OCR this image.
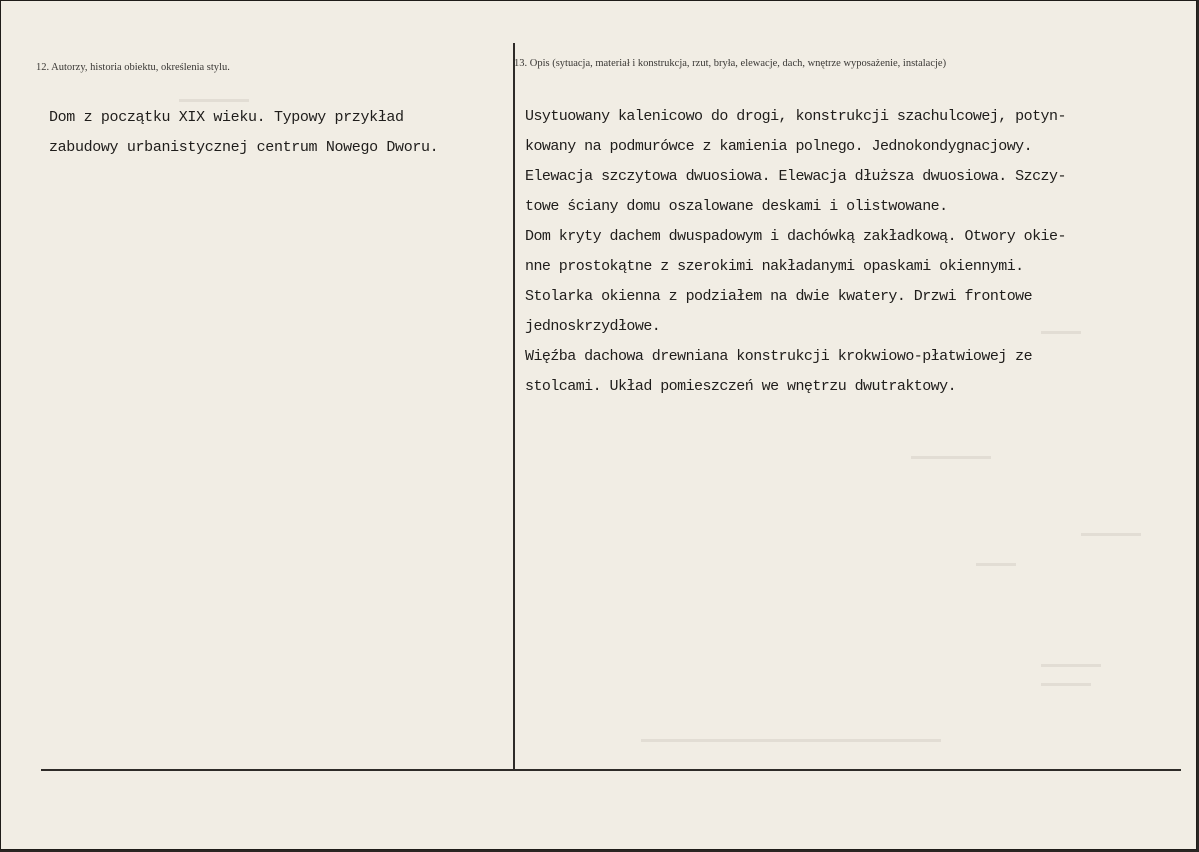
12. Autorzy, historia obiektu, określenia stylu.	13. Opis (sytuacja, materiał i konstrukcja, rzut, bryła, elewacje, dach, wnętrze wyposażenie, instalacje)
Dom z początku XIX wieku. Typowy przykład
zabudowy urbanistycznej centrum Nowego Dworu.
Usytuowany kalenicowo do drogi, konstrukcji szachulcowej, potyn-
kowany na podmurówce z kamienia polnego. Jednokondygnacjowy.
Elewacja szczytowa dwuosiowa. Elewacja dłuższa dwuosiowa. Szczy-
towe ściany domu oszalowane deskami i olistwowane.
Dom kryty dachem dwuspadowym i dachówką zakładkową. Otwory okie-
nne prostokątne z szerokimi nakładanymi opaskami okiennymi.
Stolarka okienna z podziałem na dwie kwatery. Drzwi frontowe
jednoskrzydłowe.
Więźba dachowa drewniana konstrukcji krokwiowo-płatwiowej ze
stolcami. Układ pomieszczeń we wnętrzu dwutraktowy.
